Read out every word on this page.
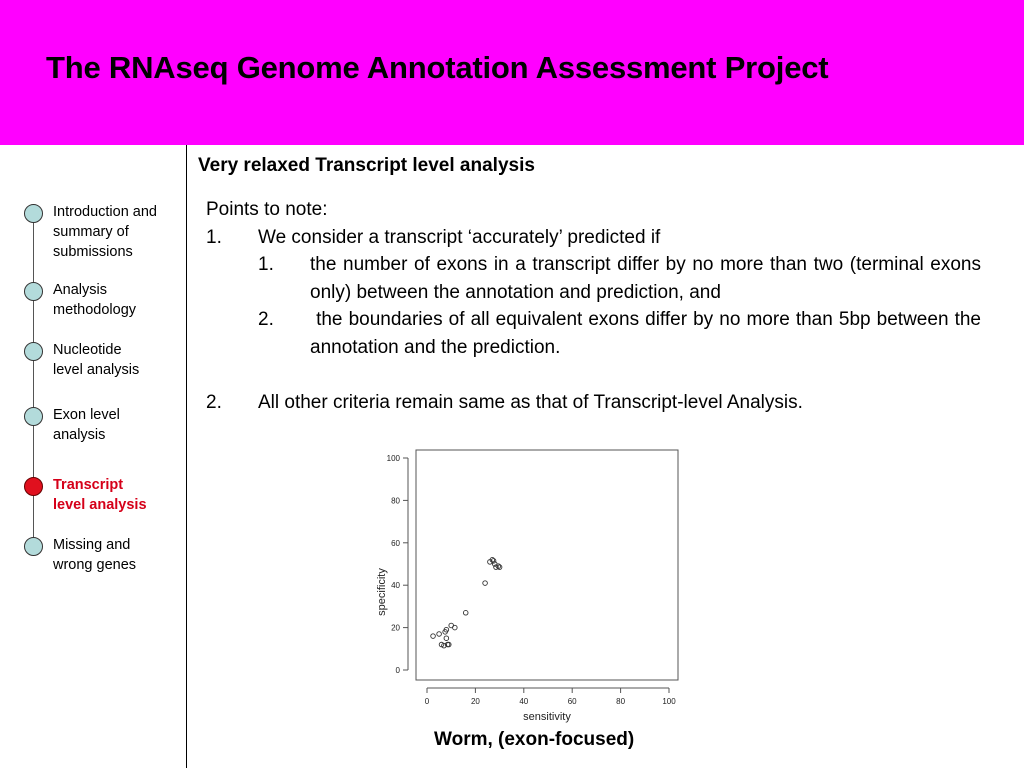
The RNAseq Genome Annotation Assessment Project
Very relaxed Transcript level analysis
Introduction and
summary of
submissions
Analysis
methodology
Nucleotide
level analysis
Exon level
analysis
Transcript
level analysis
Missing and
wrong genes
Points to note:
1. We consider a transcript ‘accurately’ predicted if
1. the number of exons in a transcript differ by no more than two (terminal exons only) between the annotation and prediction, and
2. the boundaries of all equivalent exons differ by no more than 5bp between the annotation and the prediction.
2. All other criteria remain same as that of Transcript-level Analysis.
0	20	40	60	80	100
0
20
40
60
80
100
sensitivity
specificity
Worm, (exon-focused)
